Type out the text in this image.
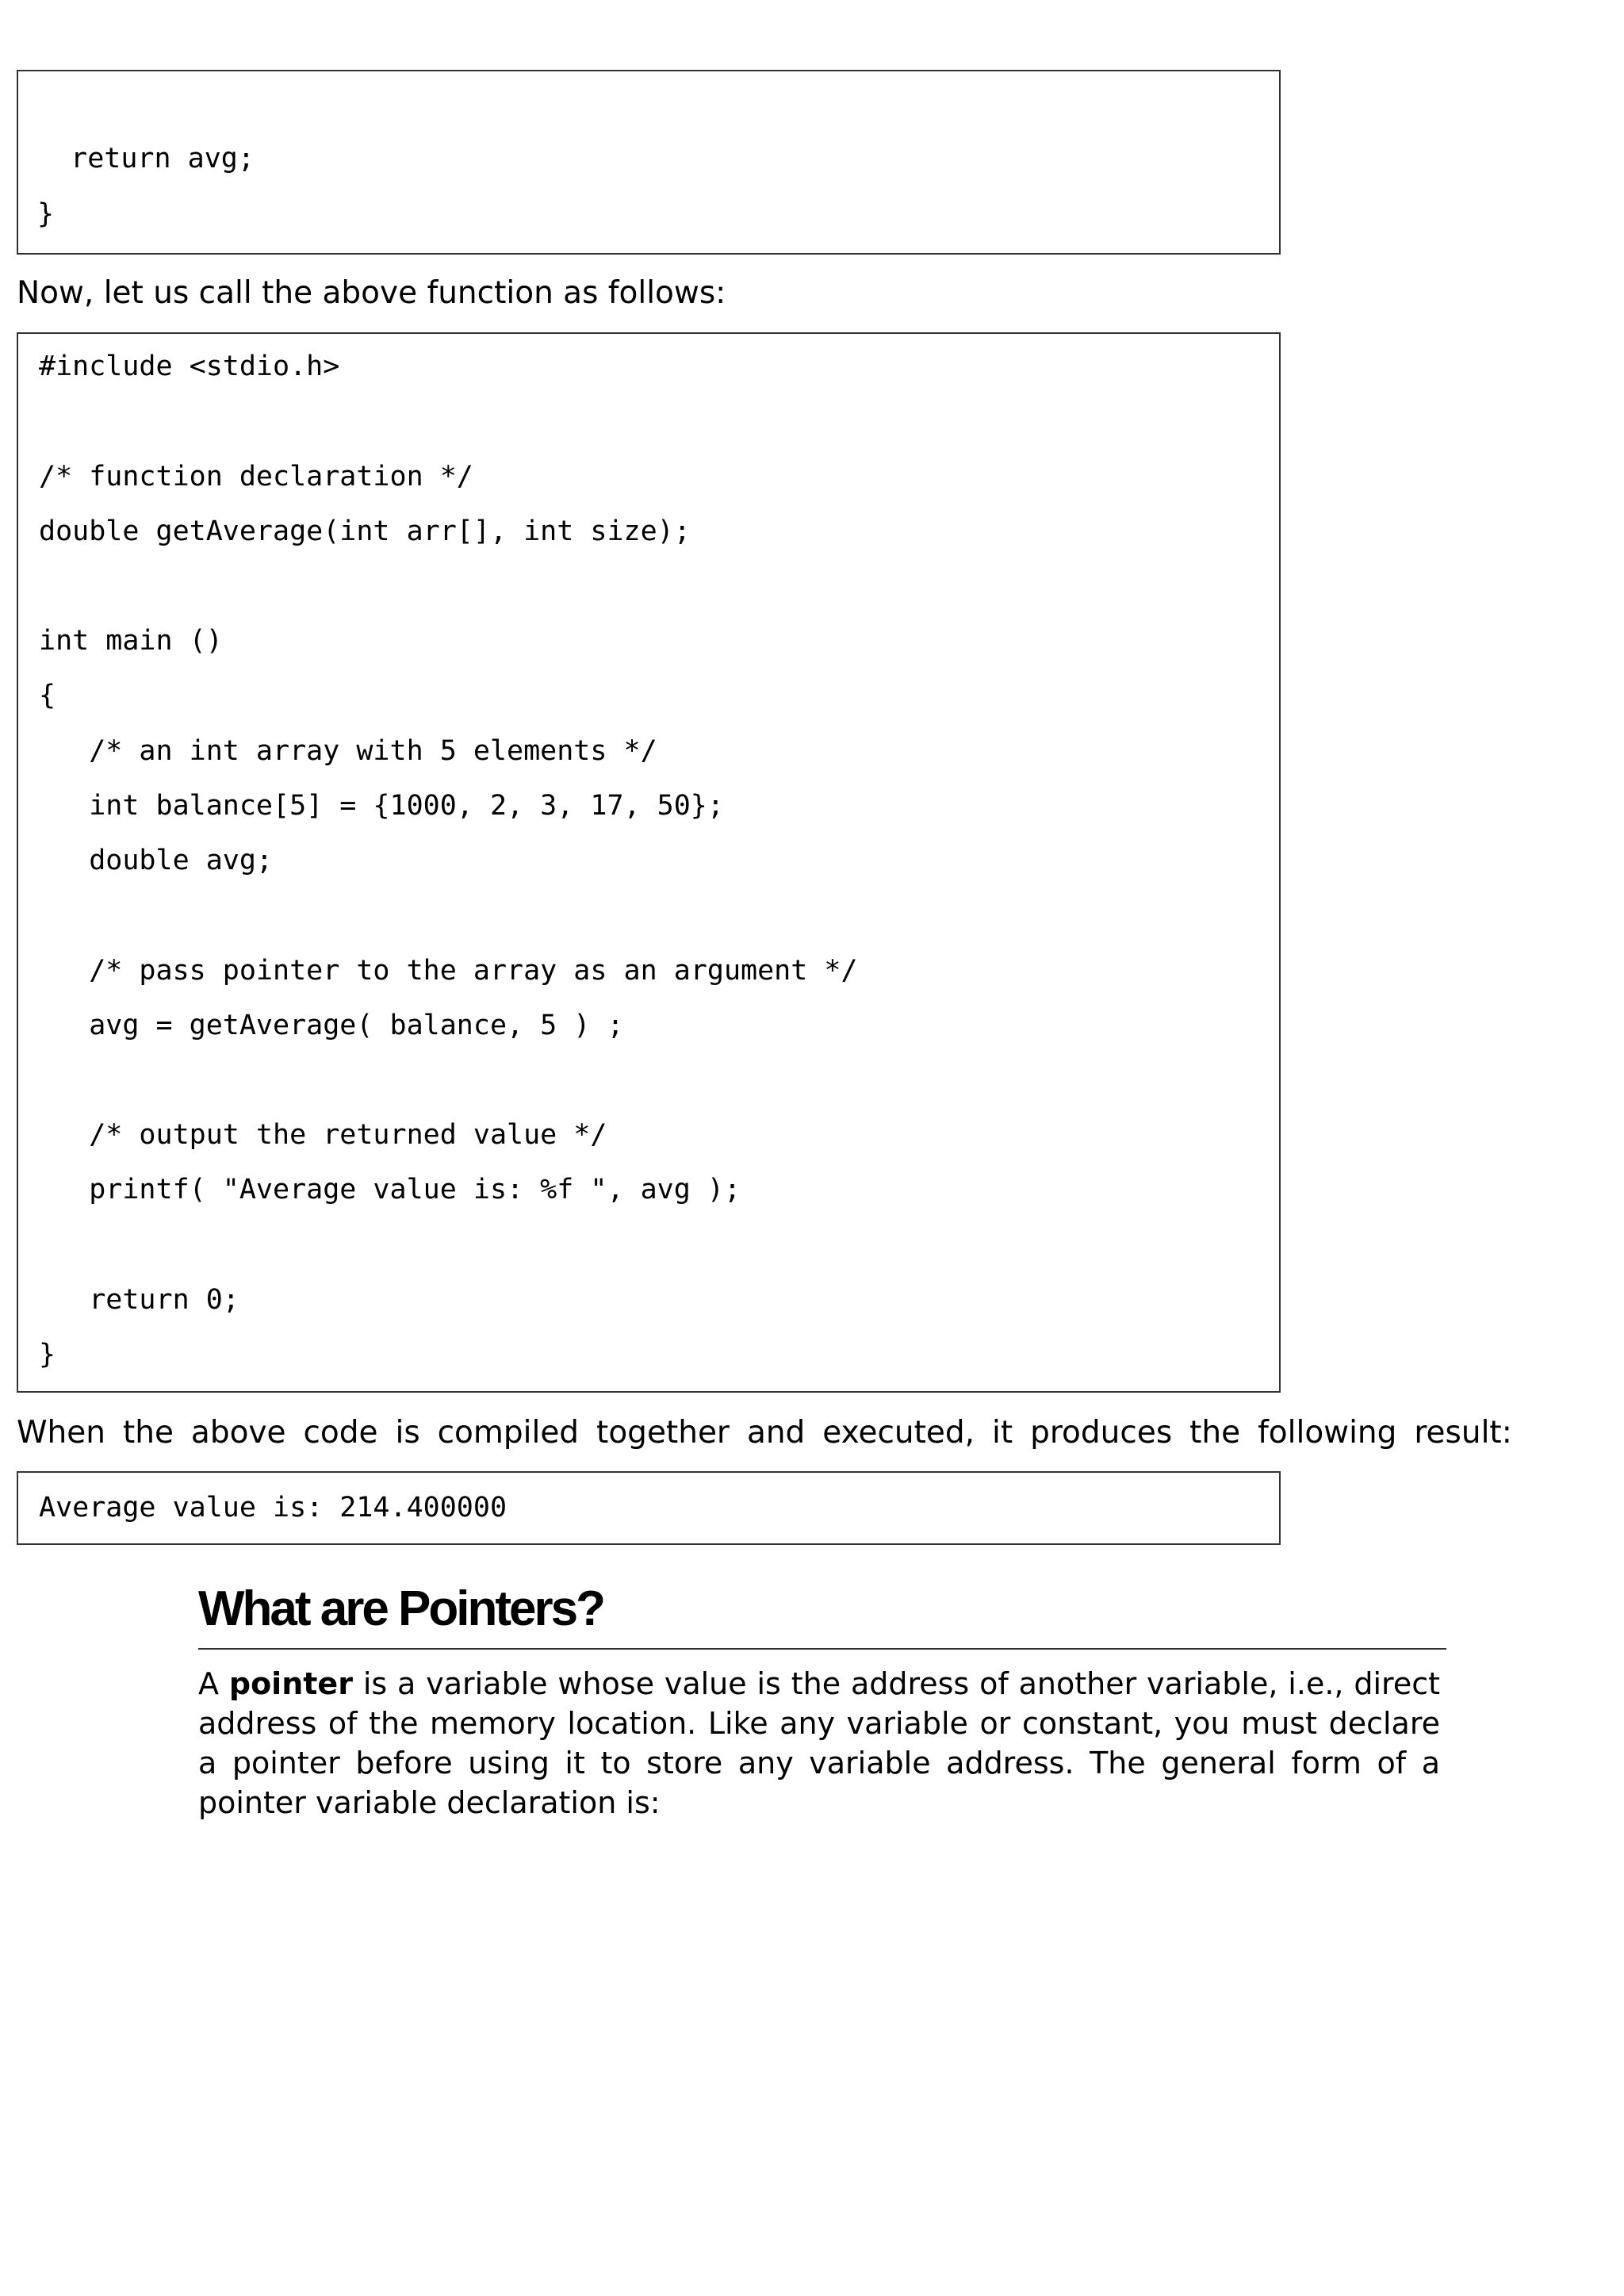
return avg;
}

Now, let us call the above function as follows:

#include <stdio.h>
/* function declaration */
double getAverage(int arr[], int size);
int main ()
{
/* an int array with 5 elements */
int balance[5] = {1000, 2, 3, 17, 50};
double avg;
/* pass pointer to the array as an argument */
avg = getAverage( balance, 5 ) ;
/* output the returned value */
printf( "Average value is: %f ", avg );
return 0;
}
When the above code is compiled together and executed, it produces the following result:
Average value is: 214.400000
What are Pointers?

A pointer is a variable whose value is the address of another variable, i.e., direct address of the memory location. Like any variable or constant, you must declare a pointer before using it to store any variable address. The general form of a pointer variable declaration is:
